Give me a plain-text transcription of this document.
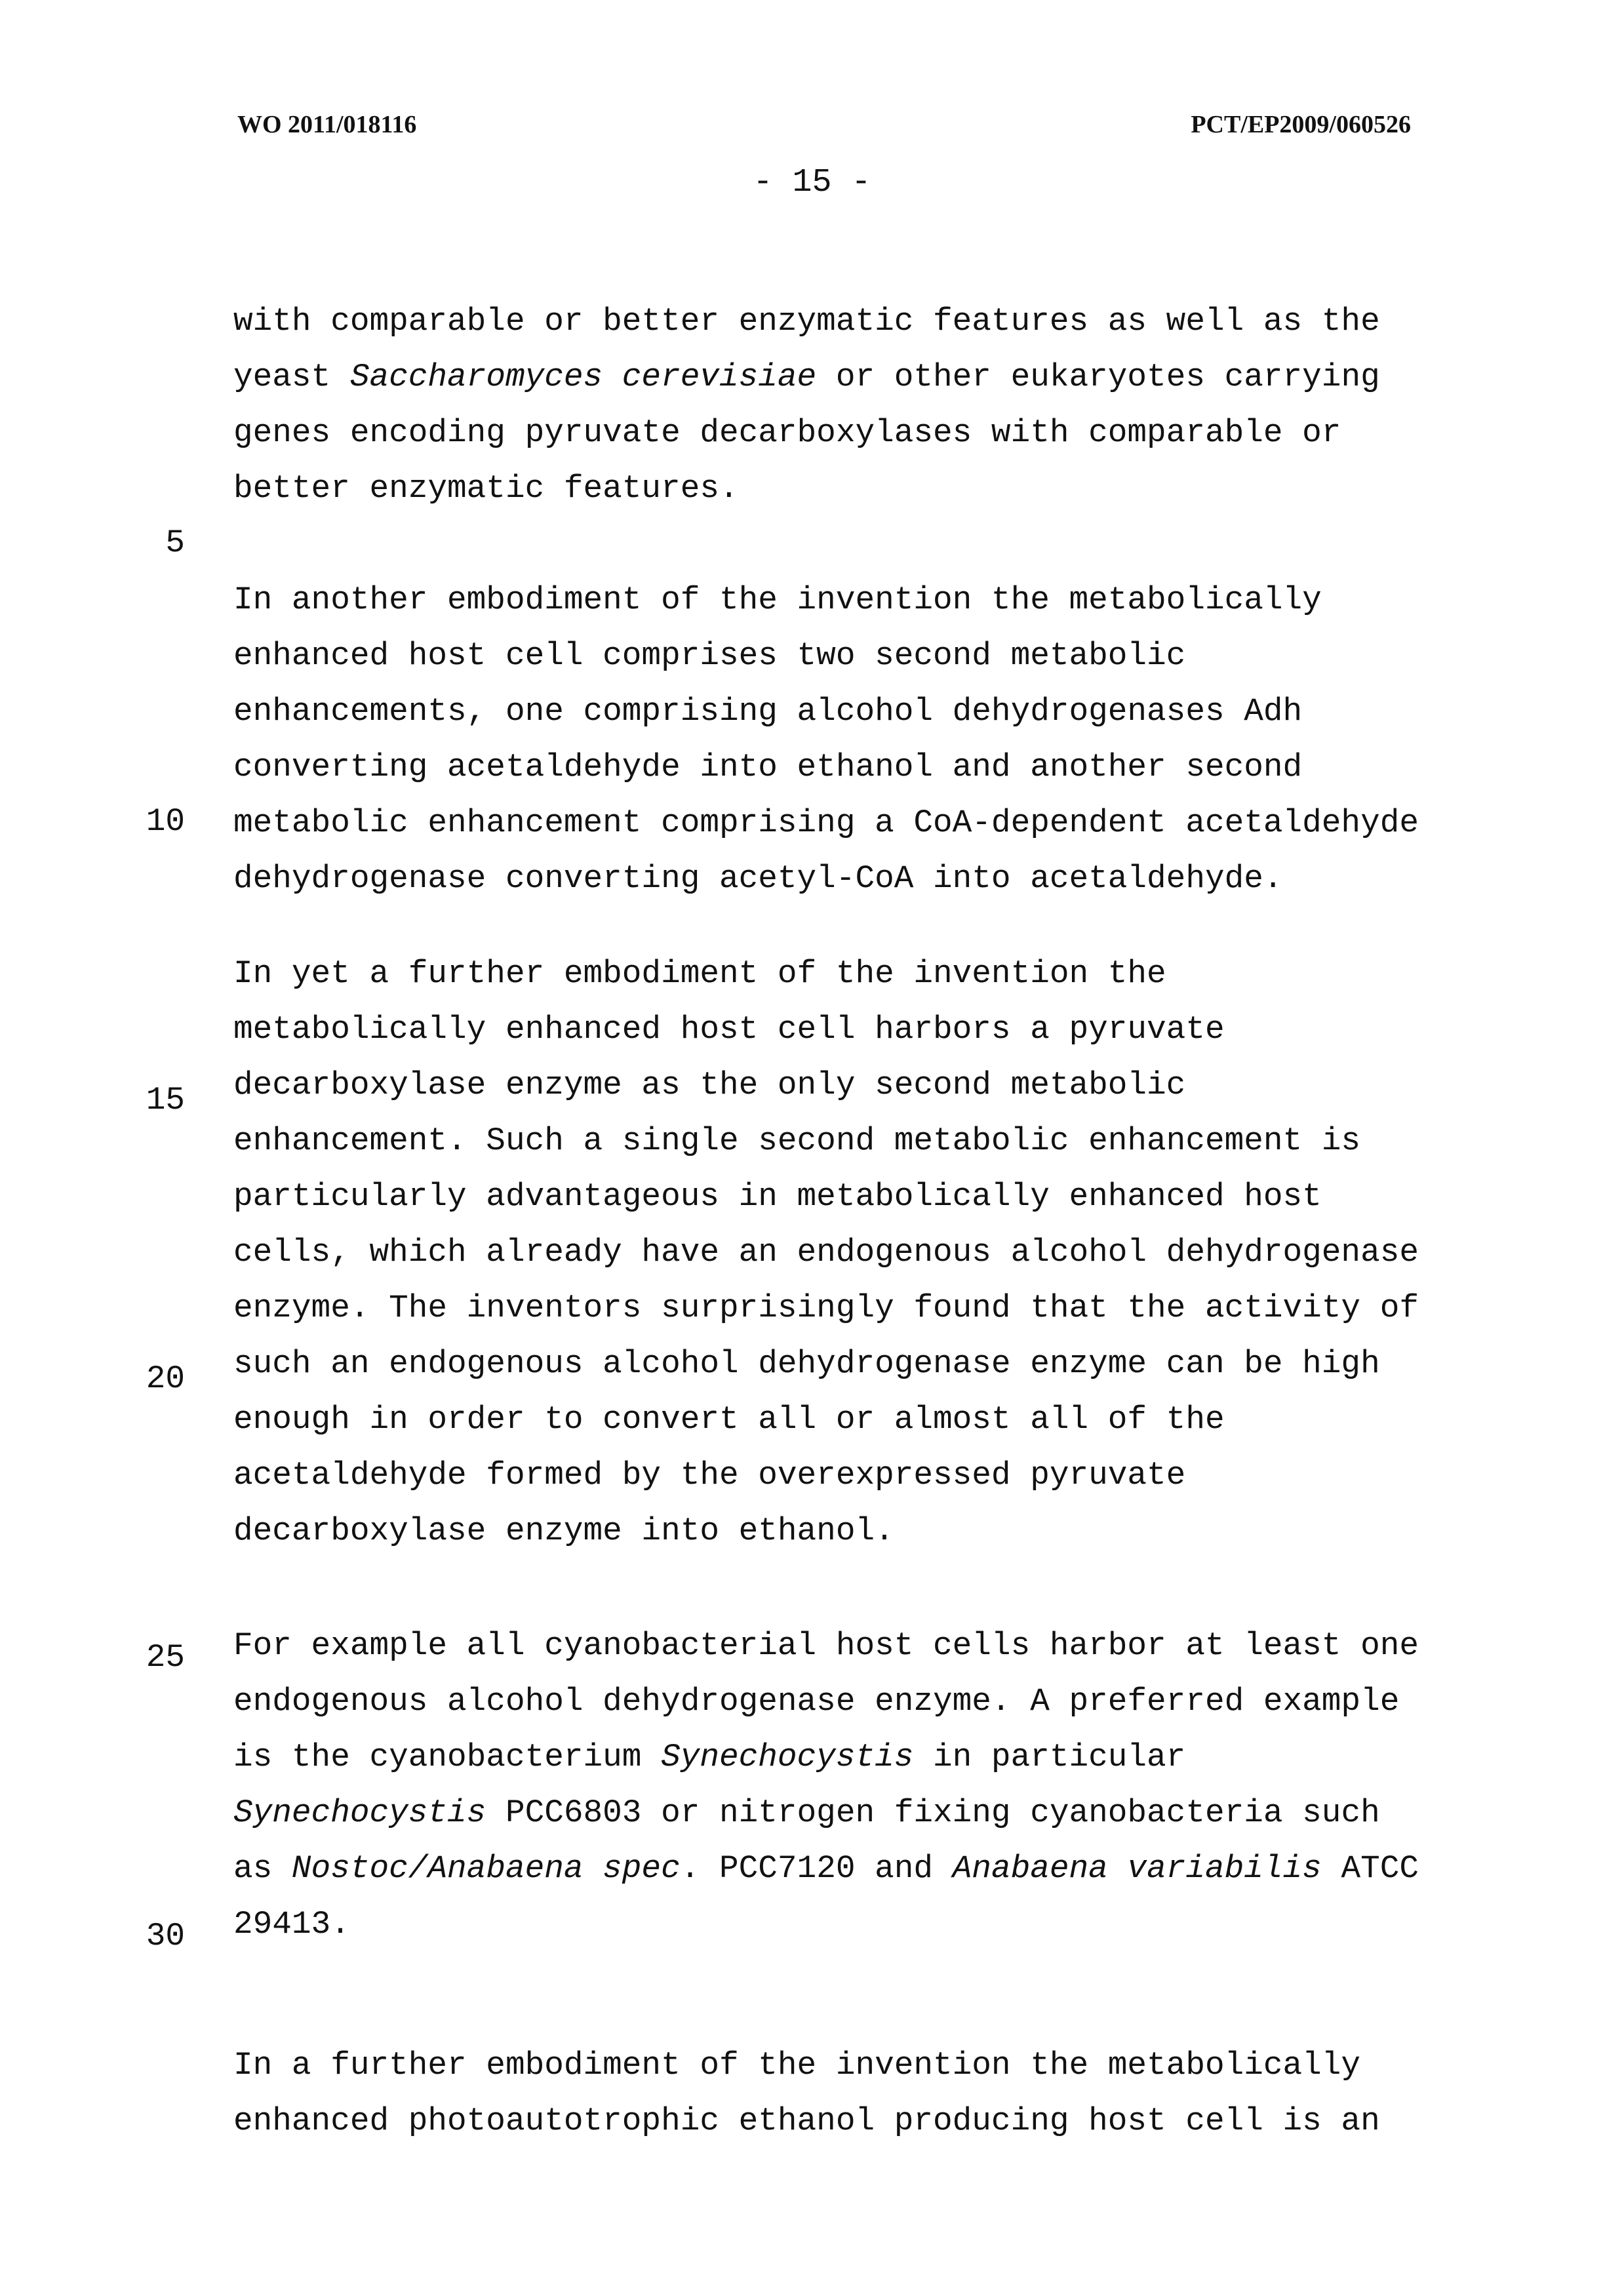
WO 2011/018116	PCT/EP2009/060526
- 15 -
5
10
15
20
25
30
with comparable or better enzymatic features as well as the
yeast Saccharomyces cerevisiae or other eukaryotes carrying
genes encoding pyruvate decarboxylases with comparable or
better enzymatic features.
In another embodiment of the invention the metabolically
enhanced host cell comprises two second metabolic
enhancements, one comprising alcohol dehydrogenases Adh
converting acetaldehyde into ethanol and another second
metabolic enhancement comprising a CoA-dependent acetaldehyde
dehydrogenase converting acetyl-CoA into acetaldehyde.
In yet a further embodiment of the invention the
metabolically enhanced host cell harbors a pyruvate
decarboxylase enzyme as the only second metabolic
enhancement. Such a single second metabolic enhancement is
particularly advantageous in metabolically enhanced host
cells, which already have an endogenous alcohol dehydrogenase
enzyme. The inventors surprisingly found that the activity of
such an endogenous alcohol dehydrogenase enzyme can be high
enough in order to convert all or almost all of the
acetaldehyde formed by the overexpressed pyruvate
decarboxylase enzyme into ethanol.
For example all cyanobacterial host cells harbor at least one
endogenous alcohol dehydrogenase enzyme. A preferred example
is the cyanobacterium Synechocystis in particular
Synechocystis PCC6803 or nitrogen fixing cyanobacteria such
as Nostoc/Anabaena spec. PCC7120 and Anabaena variabilis ATCC
29413.
In a further embodiment of the invention the metabolically
enhanced photoautotrophic ethanol producing host cell is an
